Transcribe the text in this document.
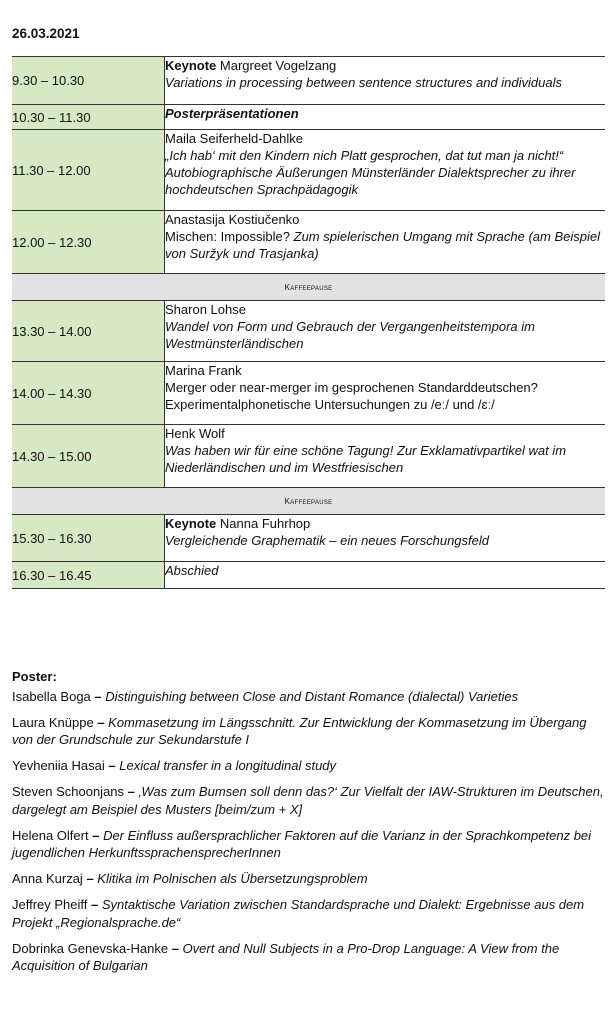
26.03.2021
9.30 – 10.30	Keynote Margreet Vogelzang
Variations in processing between sentence structures and individuals

10.30 – 11.30	Posterpräsentationen

11.30 – 12.00	Maila Seiferheld-Dahlke
„Ich hab‘ mit den Kindern nich Platt gesprochen, dat tut man ja nicht!“ Autobiographische Äußerungen Münsterländer Dialektsprecher zu ihrer hochdeutschen Sprachpädagogik

12.00 – 12.30	Anastasija Kostiučenko
Mischen: Impossible? Zum spielerischen Umgang mit Sprache (am Beispiel von Suržyk und Trasjanka)

Kaffeepause	
13.30 – 14.00	Sharon Lohse
Wandel von Form und Gebrauch der Vergangenheitstempora im Westmünsterländischen

14.00 – 14.30	Marina Frank
Merger oder near-merger im gesprochenen Standarddeutschen? Experimentalphonetische Untersuchungen zu /eː/ und /ɛː/

14.30 – 15.00	Henk Wolf
Was haben wir für eine schöne Tagung! Zur Exklamativpartikel wat im Niederländischen und im Westfriesischen

Kaffeepause	
15.30 – 16.30	Keynote Nanna Fuhrhop
Vergleichende Graphematik – ein neues Forschungsfeld

16.30 – 16.45	Abschied
Poster:
Isabella Boga – Distinguishing between Close and Distant Romance (dialectal) Varieties
Laura Knüppe – Kommasetzung im Längsschnitt. Zur Entwicklung der Kommasetzung im Übergang von der Grundschule zur Sekundarstufe I
Yevheniia Hasai – Lexical transfer in a longitudinal study
Steven Schoonjans – ‚Was zum Bumsen soll denn das?‘ Zur Vielfalt der IAW-Strukturen im Deutschen, dargelegt am Beispiel des Musters [beim/zum + X]
Helena Olfert – Der Einfluss außersprachlicher Faktoren auf die Varianz in der Sprachkompetenz bei jugendlichen HerkunftssprachensprecherInnen
Anna Kurzaj – Klitika im Polnischen als Übersetzungsproblem
Jeffrey Pheiff – Syntaktische Variation zwischen Standardsprache und Dialekt: Ergebnisse aus dem Projekt „Regionalsprache.de“
Dobrinka Genevska-Hanke – Overt and Null Subjects in a Pro-Drop Language: A View from the Acquisition of Bulgarian
